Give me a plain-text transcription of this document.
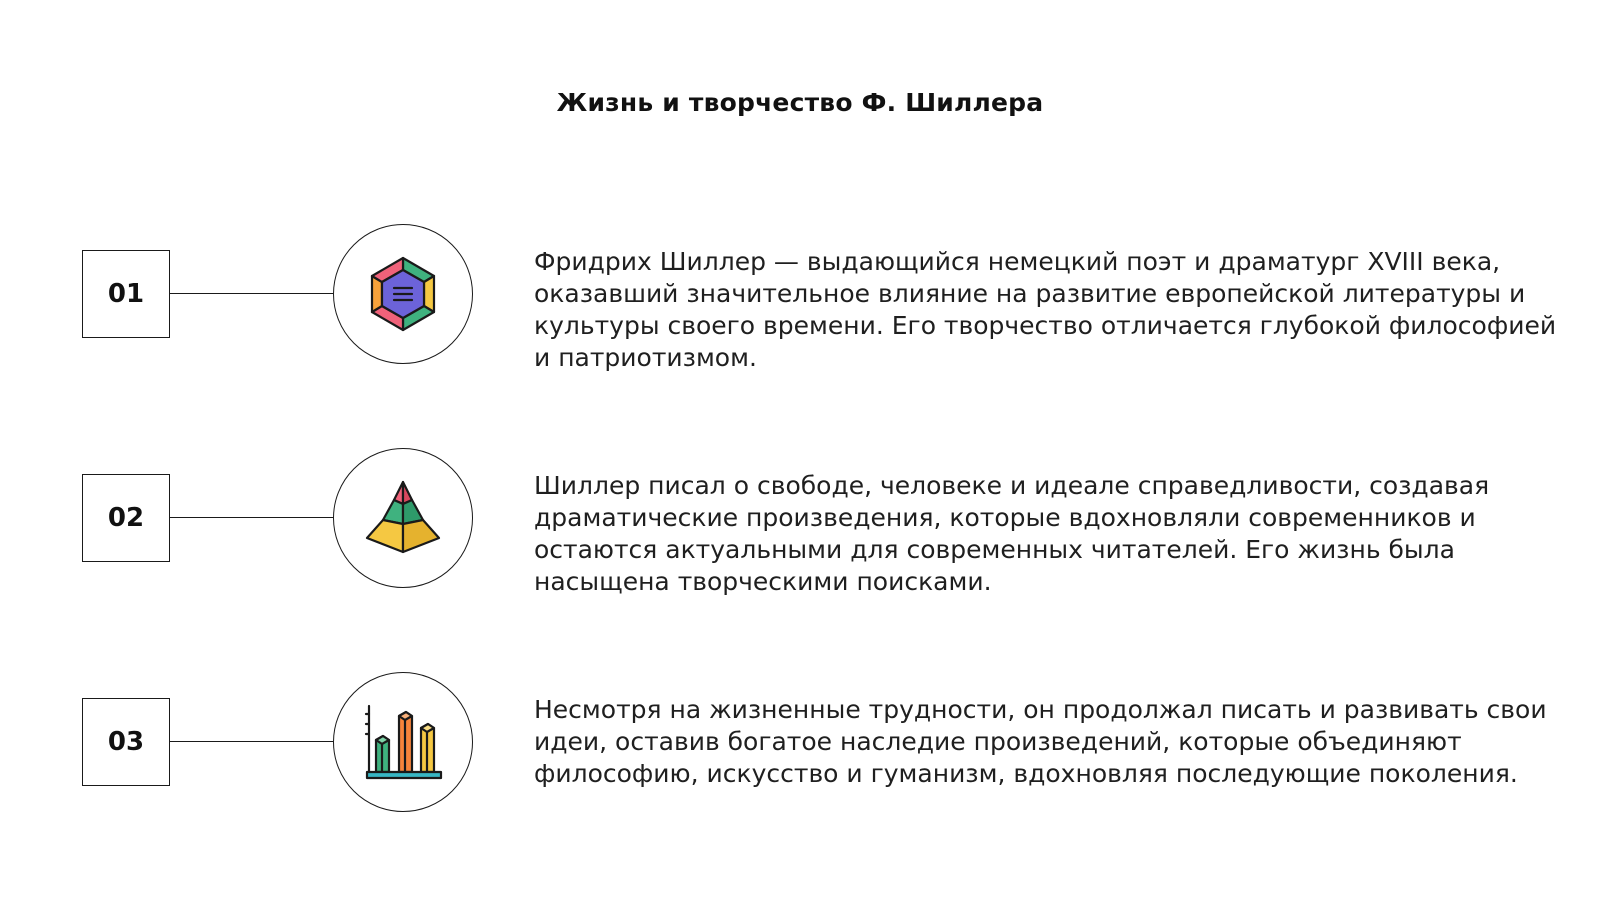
Жизнь и творчество Ф. Шиллера
01

Фридрих Шиллер — выдающийся немецкий поэт и драматург XVIII века, оказавший значительное влияние на развитие европейской литературы и культуры своего времени. Его творчество отличается глубокой философией и патриотизмом.

02

Шиллер писал о свободе, человеке и идеале справедливости, создавая драматические произведения, которые вдохновляли современников и остаются актуальными для современных читателей. Его жизнь была насыщена творческими поисками.

03

Несмотря на жизненные трудности, он продолжал писать и развивать свои идеи, оставив богатое наследие произведений, которые объединяют философию, искусство и гуманизм, вдохновляя последующие поколения.
